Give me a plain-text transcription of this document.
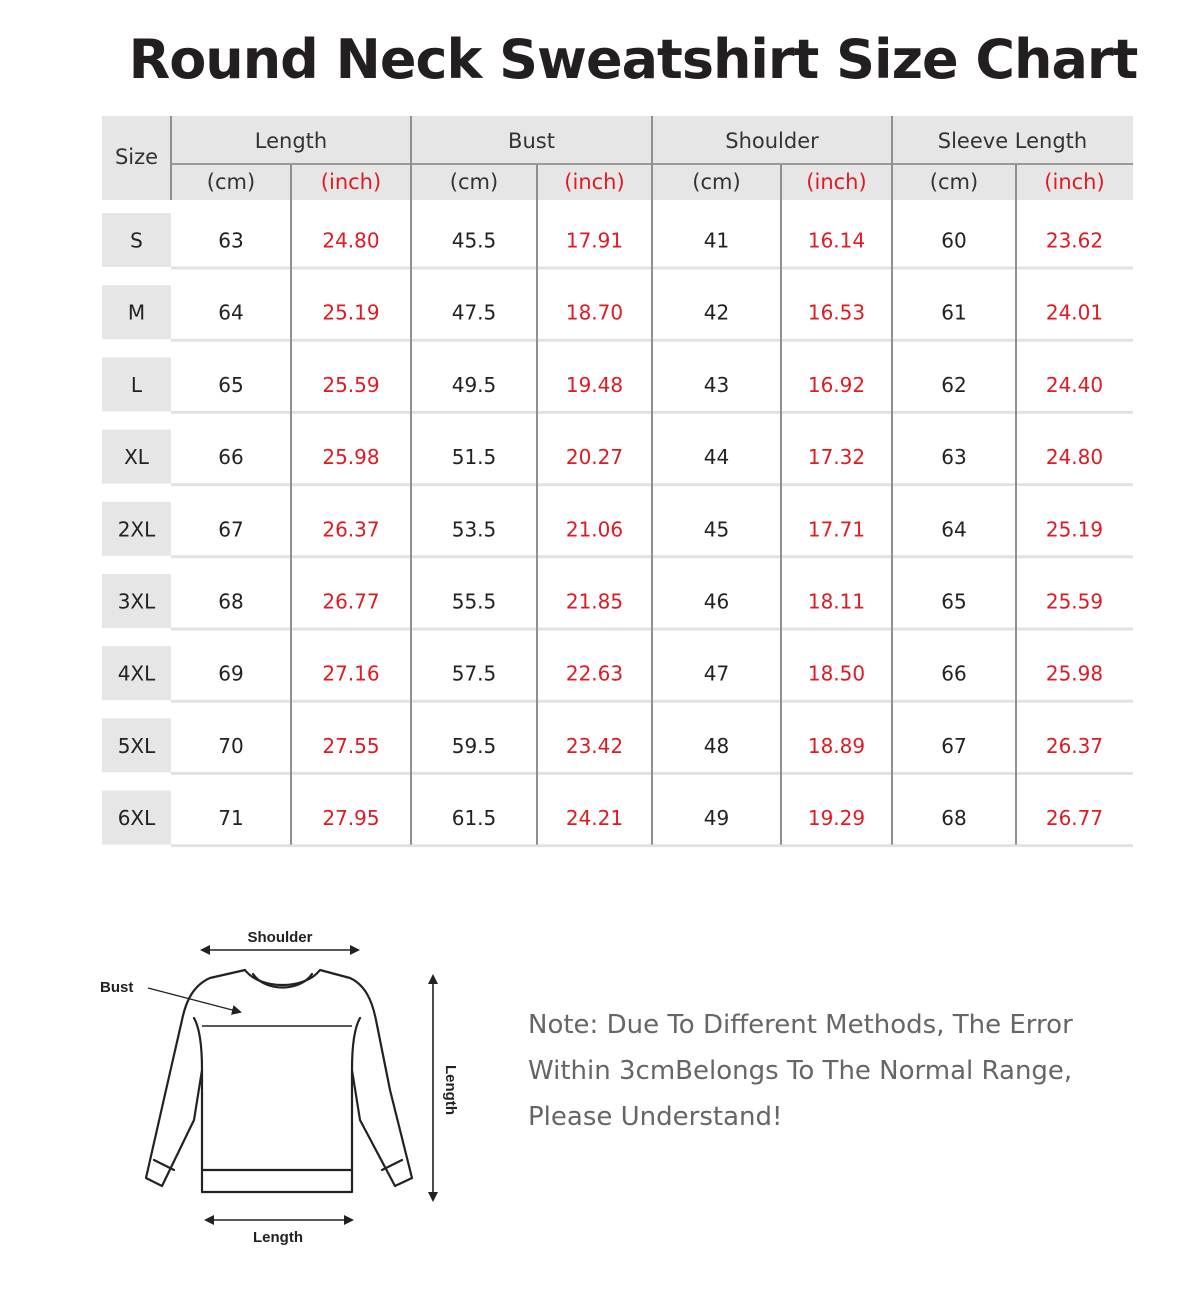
Round Neck Sweatshirt Size Chart
Size
Length
(cm)	(inch)
Bust
(cm)	(inch)
Shoulder
(cm)	(inch)
Sleeve Length
(cm)	(inch)
S	63	24.80	45.5	17.91	41	16.14	60	23.62
M	64	25.19	47.5	18.70	42	16.53	61	24.01
L	65	25.59	49.5	19.48	43	16.92	62	24.40
XL	66	25.98	51.5	20.27	44	17.32	63	24.80
2XL	67	26.37	53.5	21.06	45	17.71	64	25.19
3XL	68	26.77	55.5	21.85	46	18.11	65	25.59
4XL	69	27.16	57.5	22.63	47	18.50	66	25.98
5XL	70	27.55	59.5	23.42	48	18.89	67	26.37
6XL	71	27.95	61.5	24.21	49	19.29	68	26.77
Shoulder
Bust
Length
Length
Note: Due To Different Methods, The Error
Within 3cmBelongs To The Normal Range,
Please Understand!
